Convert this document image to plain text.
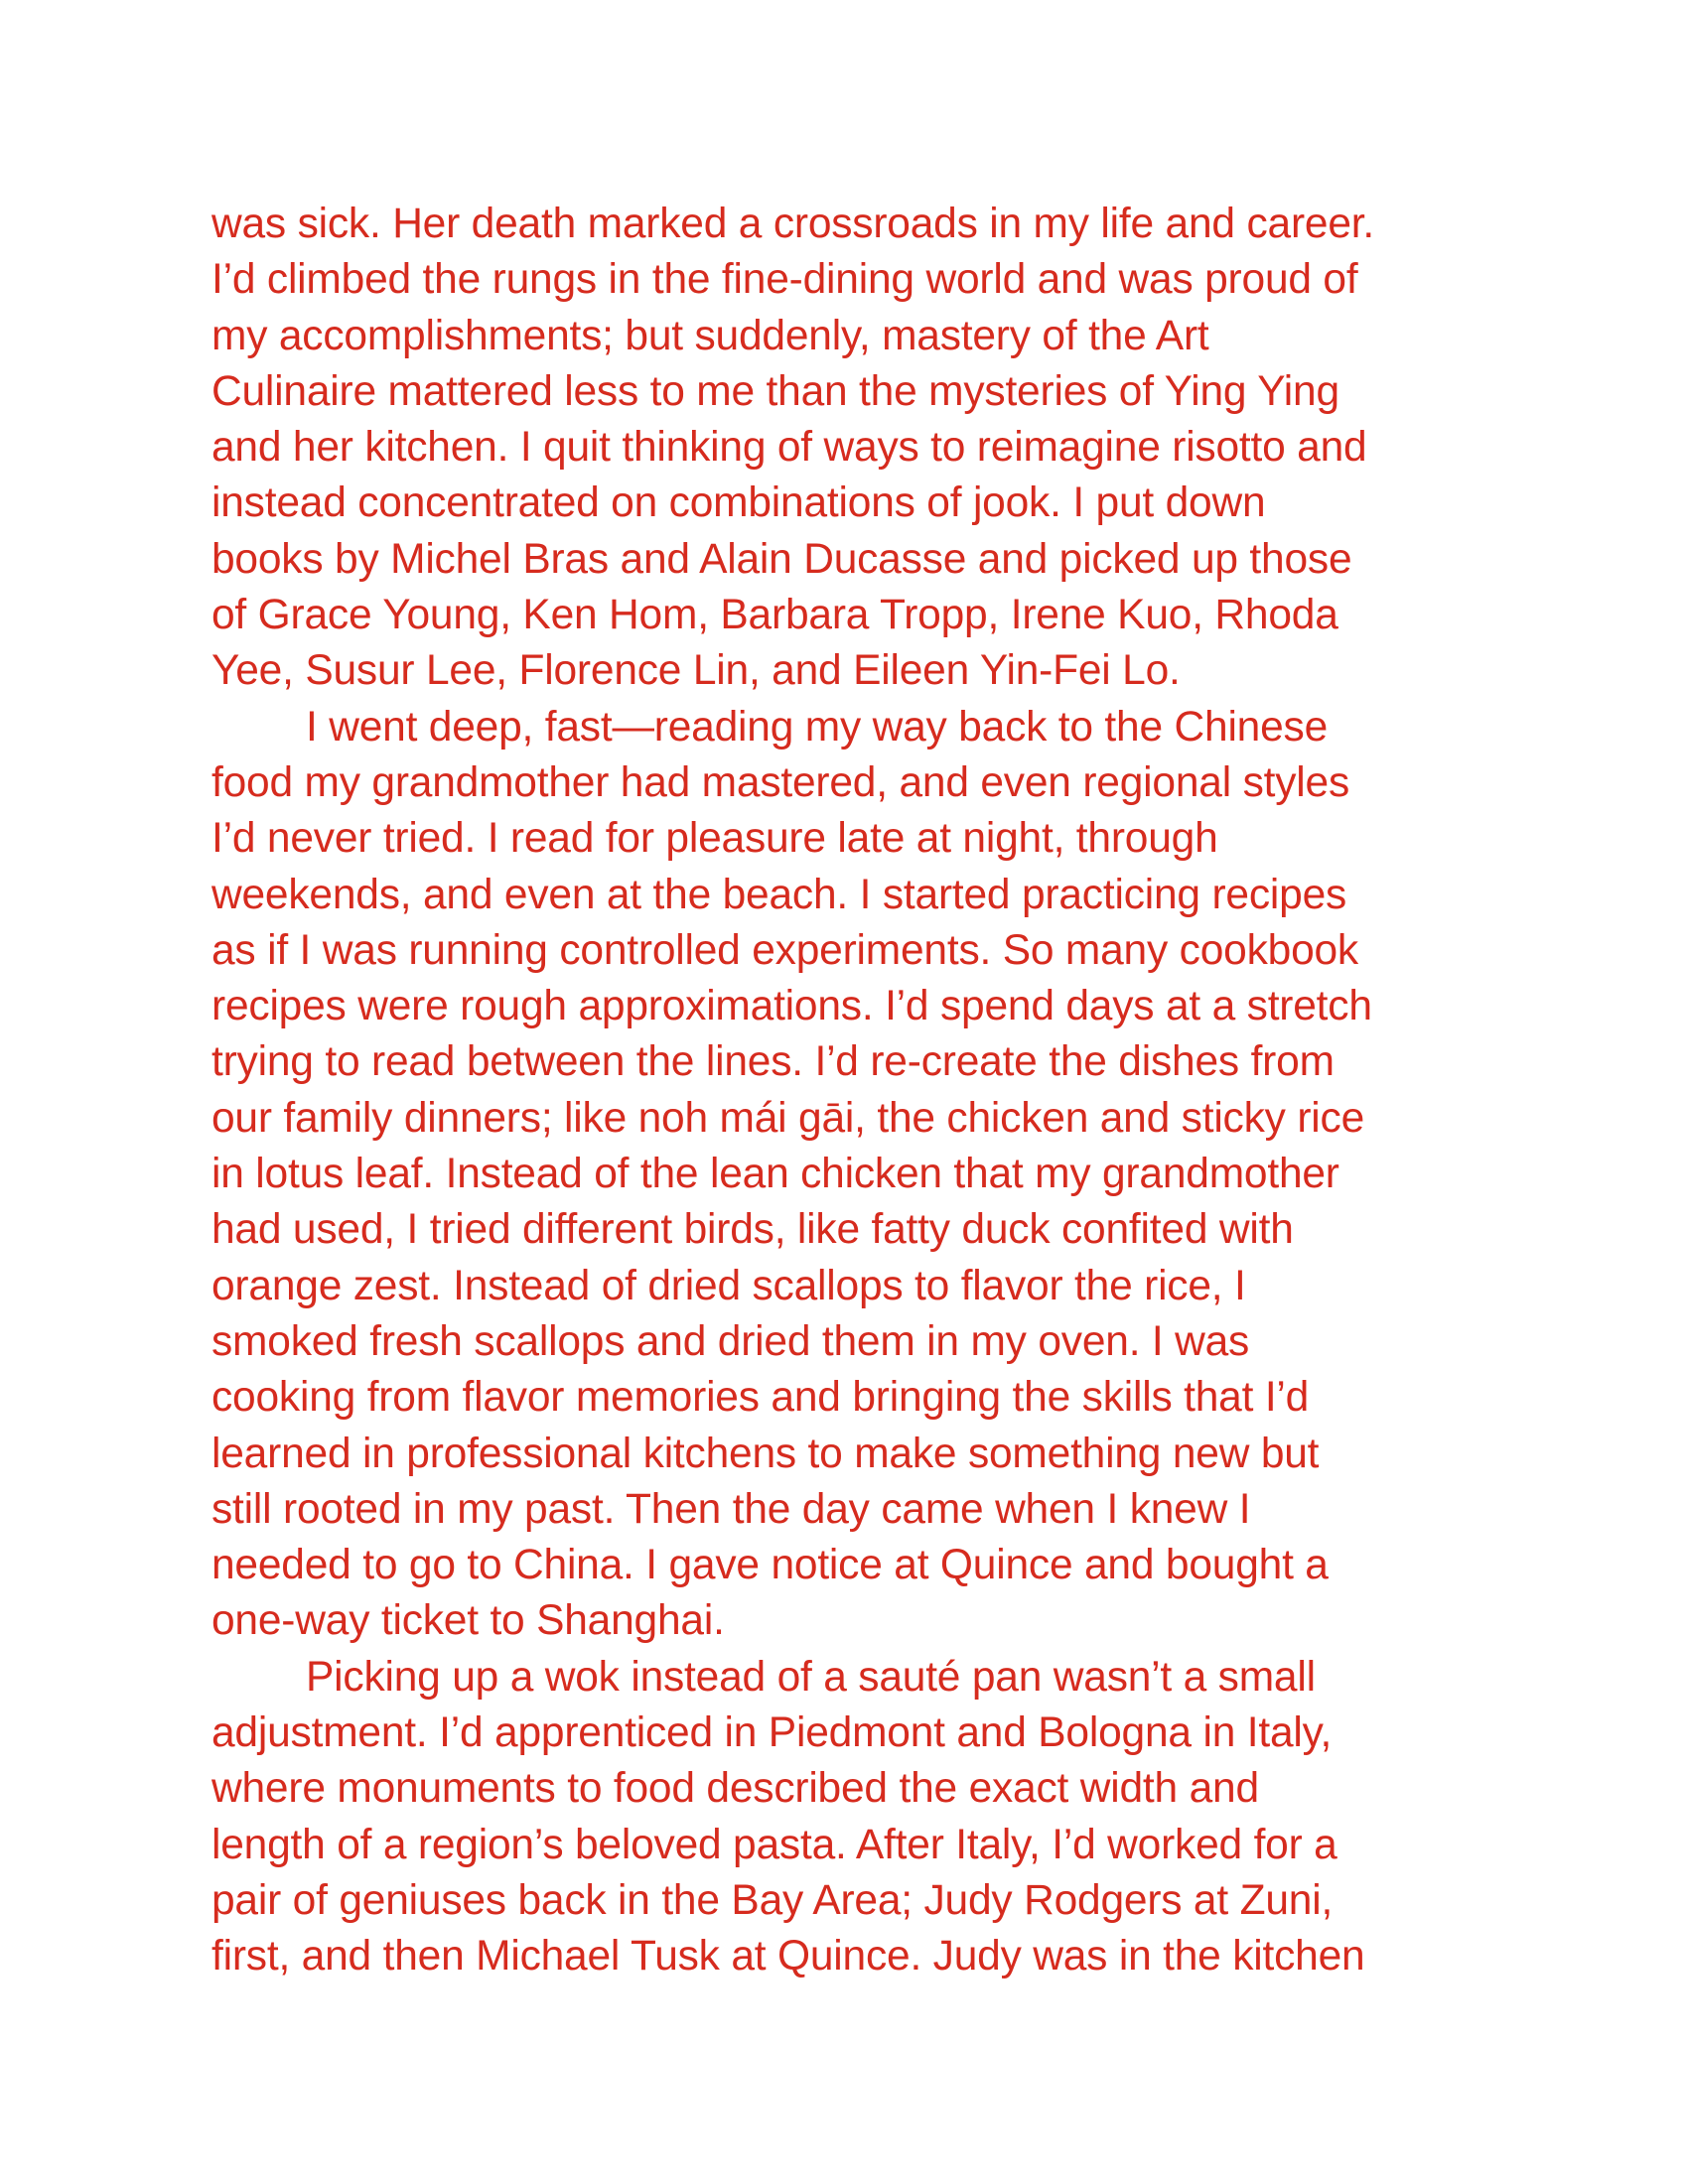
was sick. Her death marked a crossroads in my life and career.
I’d climbed the rungs in the fine-dining world and was proud of
my accomplishments; but suddenly, mastery of the Art
Culinaire mattered less to me than the mysteries of Ying Ying
and her kitchen. I quit thinking of ways to reimagine risotto and
instead concentrated on combinations of jook. I put down
books by Michel Bras and Alain Ducasse and picked up those
of Grace Young, Ken Hom, Barbara Tropp, Irene Kuo, Rhoda
Yee, Susur Lee, Florence Lin, and Eileen Yin-Fei Lo.
I went deep, fast—reading my way back to the Chinese
food my grandmother had mastered, and even regional styles
I’d never tried. I read for pleasure late at night, through
weekends, and even at the beach. I started practicing recipes
as if I was running controlled experiments. So many cookbook
recipes were rough approximations. I’d spend days at a stretch
trying to read between the lines. I’d re-create the dishes from
our family dinners; like noh mái gāi, the chicken and sticky rice
in lotus leaf. Instead of the lean chicken that my grandmother
had used, I tried different birds, like fatty duck confited with
orange zest. Instead of dried scallops to flavor the rice, I
smoked fresh scallops and dried them in my oven. I was
cooking from flavor memories and bringing the skills that I’d
learned in professional kitchens to make something new but
still rooted in my past. Then the day came when I knew I
needed to go to China. I gave notice at Quince and bought a
one-way ticket to Shanghai.
Picking up a wok instead of a sauté pan wasn’t a small
adjustment. I’d apprenticed in Piedmont and Bologna in Italy,
where monuments to food described the exact width and
length of a region’s beloved pasta. After Italy, I’d worked for a
pair of geniuses back in the Bay Area; Judy Rodgers at Zuni,
first, and then Michael Tusk at Quince. Judy was in the kitchen
